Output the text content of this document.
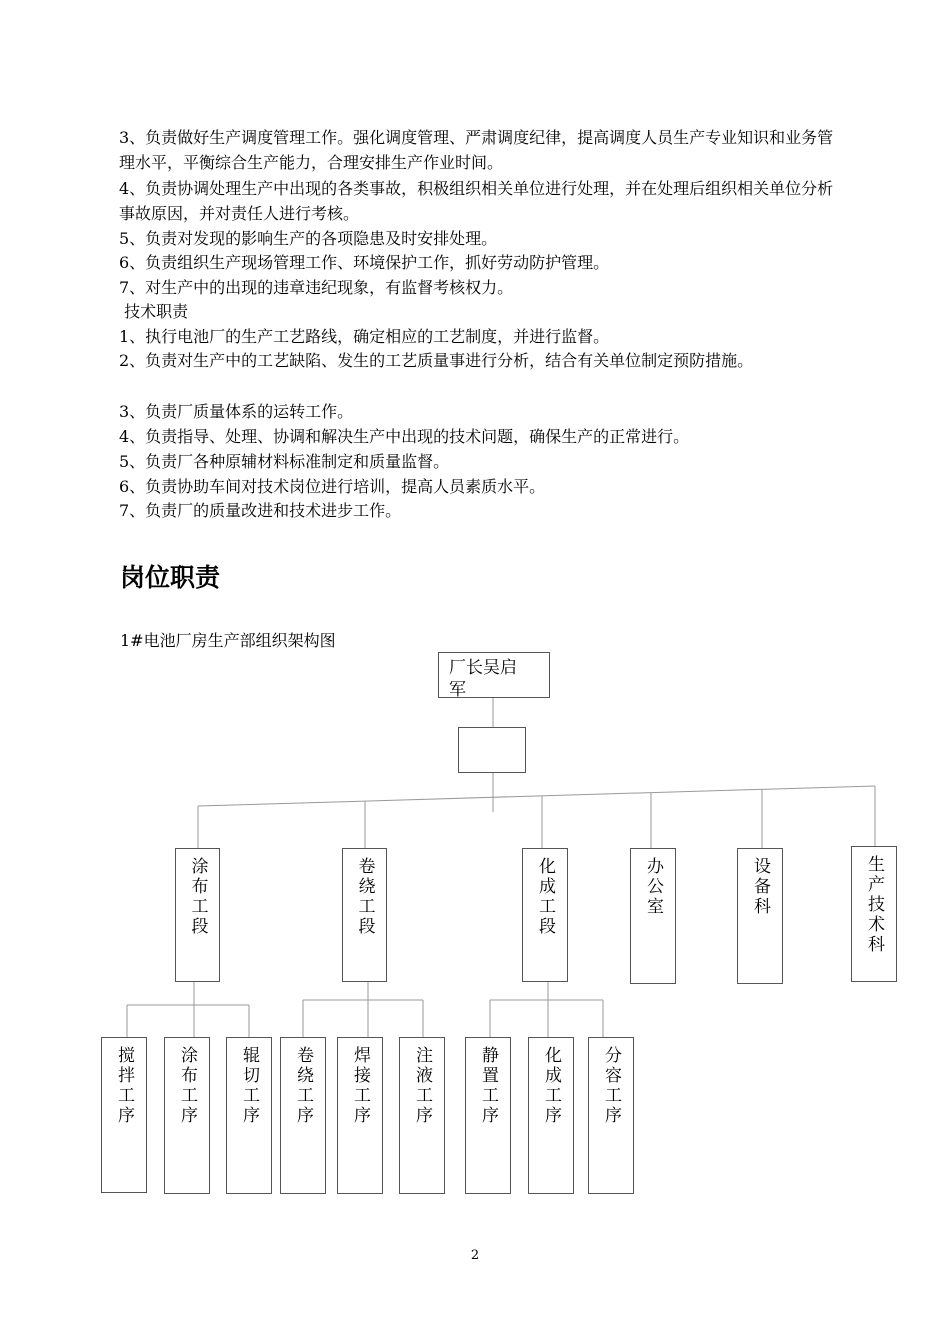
3、负责做好生产调度管理工作。强化调度管理、严肃调度纪律，提高调度人员生产专业知识和业务管理水平，平衡综合生产能力，合理安排生产作业时间。

4、负责协调处理生产中出现的各类事故，积极组织相关单位进行处理，并在处理后组织相关单位分析事故原因，并对责任人进行考核。

5、负责对发现的影响生产的各项隐患及时安排处理。

6、负责组织生产现场管理工作、环境保护工作，抓好劳动防护管理。

7、对生产中的出现的违章违纪现象，有监督考核权力。

技术职责

1、执行电池厂的生产工艺路线，确定相应的工艺制度，并进行监督。

2、负责对生产中的工艺缺陷、发生的工艺质量事进行分析，结合有关单位制定预防措施。

3、负责厂质量体系的运转工作。

4、负责指导、处理、协调和解决生产中出现的技术问题，确保生产的正常进行。

5、负责厂各种原辅材料标准制定和质量监督。

6、负责协助车间对技术岗位进行培训，提高人员素质水平。

7、负责厂的质量改进和技术进步工作。

岗位职责

1#电池厂房生产部组织架构图

厂长吴启军
涂布工段	卷绕工段	化成工段	办公室	设备科	生产技术科
搅拌工序	涂布工序 辊切工序 卷绕工序 焊接工序 注液工序	静置工序	化成工序 分容工序
2
